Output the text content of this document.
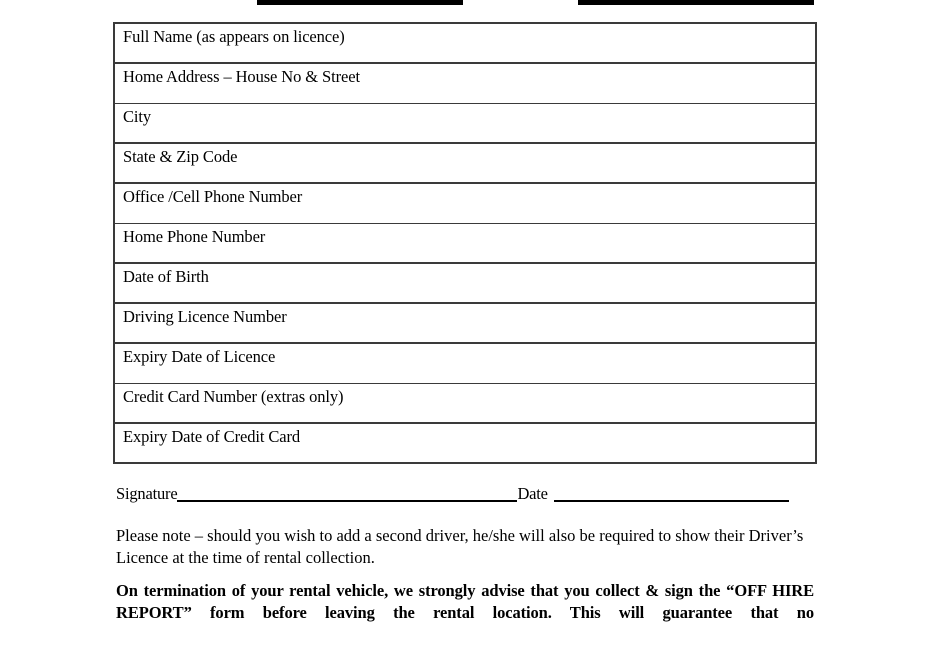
Full Name (as appears on licence)
Home Address – House No & Street
City
State & Zip Code
Office /Cell Phone Number
Home Phone Number
Date of Birth
Driving Licence Number
Expiry Date of Licence
Credit Card Number (extras only)
Expiry Date of Credit Card
Signature	Date
Please note – should you wish to add a second driver, he/she will also be required to show their Driver’s Licence at the time of rental collection.
On termination of your rental vehicle, we strongly advise that you collect & sign the “OFF HIRE REPORT” form before leaving the rental location. This will guarantee that no
